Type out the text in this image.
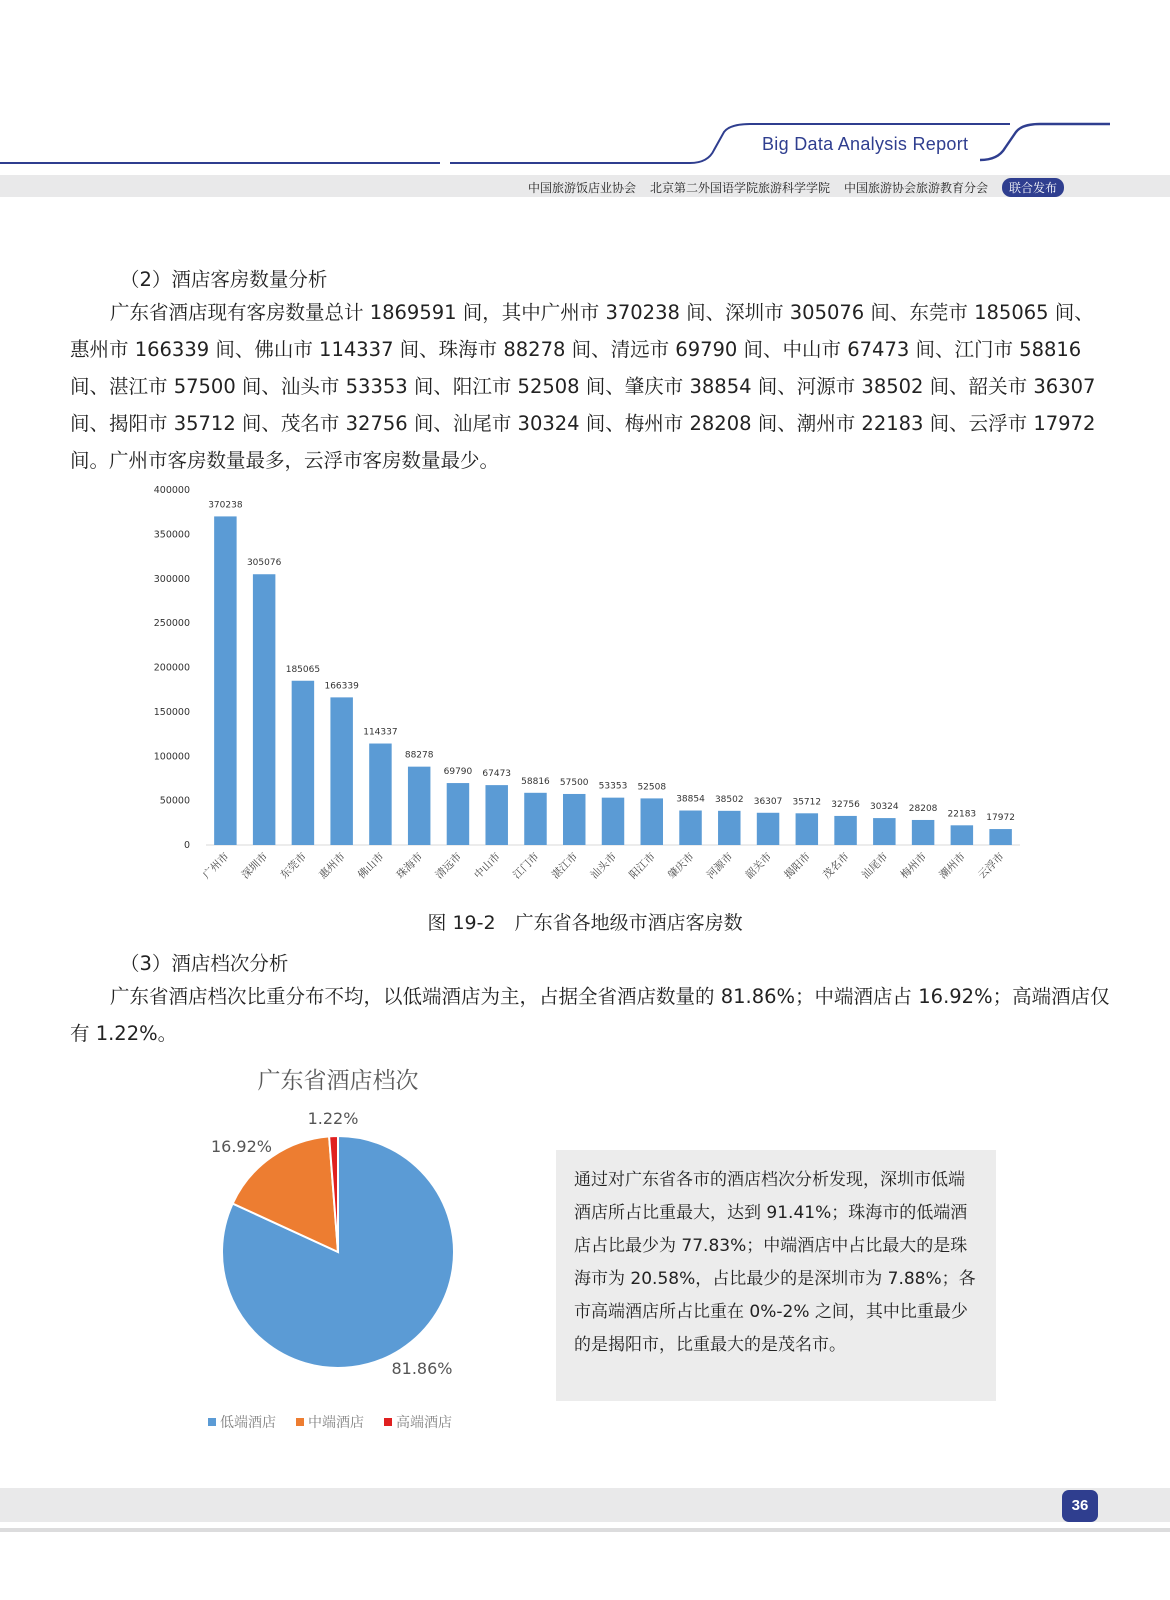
Big Data Analysis Report
中国旅游饭店业协会 北京第二外国语学院旅游科学学院 中国旅游协会旅游教育分会	联合发布
（2）酒店客房数量分析

广东省酒店现有客房数量总计 1869591 间，其中广州市 370238 间、深圳市 305076 间、东莞市 185065 间、惠州市 166339 间、佛山市 114337 间、珠海市 88278 间、清远市 69790 间、中山市 67473 间、江门市 58816 间、湛江市 57500 间、汕头市 53353 间、阳江市 52508 间、肇庆市 38854 间、河源市 38502 间、韶关市 36307 间、揭阳市 35712 间、茂名市 32756 间、汕尾市 30324 间、梅州市 28208 间、潮州市 22183 间、云浮市 17972 间。广州市客房数量最多，云浮市客房数量最少。

0
50000
100000
150000
200000
250000
300000
350000
400000
370238
广州市
305076
深圳市
185065
东莞市
166339
惠州市
114337
佛山市
88278
珠海市
69790
清远市
67473
中山市
58816
江门市
57500
湛江市
53353
汕头市
52508
阳江市
38854
肇庆市
38502
河源市
36307
韶关市
35712
揭阳市
32756
茂名市
30324
汕尾市
28208
梅州市
22183
潮州市
17972
云浮市
图 19-2　广东省各地级市酒店客房数
（3）酒店档次分析

广东省酒店档次比重分布不均，以低端酒店为主，占据全省酒店数量的 81.86%；中端酒店占 16.92%；高端酒店仅有 1.22%。

广东省酒店档次
81.86%
16.92%
1.22%
低端酒店 中端酒店 高端酒店

通过对广东省各市的酒店档次分析发现，深圳市低端酒店所占比重最大，达到 91.41%；珠海市的低端酒店占比最少为 77.83%；中端酒店中占比最大的是珠海市为 20.58%，占比最少的是深圳市为 7.88%；各市高端酒店所占比重在 0%-2% 之间，其中比重最少的是揭阳市，比重最大的是茂名市。

36
